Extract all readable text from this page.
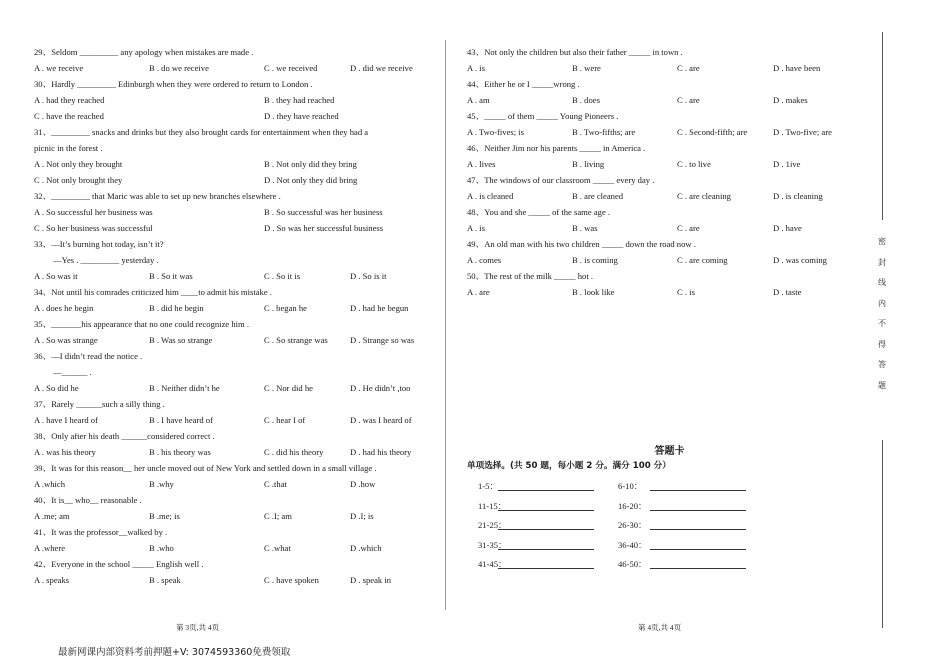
29、Seldom _________ any apology when mistakes are made .
A . we receive	B . do we receive	C . we received	D . did we receive
30、Hardly _________ Edinburgh when they were ordered to return to London .
A . had they reached	B . they had reached
C . have the reached	D . they have reached
31、_________ snacks and drinks but they also brought cards for entertainment when they had a
picnic in the forest .
A . Not only they brought	B . Not only did they bring
C . Not only brought they	D . Not only they did bring
32、_________ that Maric was able to set up new branches elsewhere .
A . So successful her business was	B . So successful was her business
C . So her business was successful	D . So was her successful business
33、—It’s burning hot today, isn’t it?
—Yes . _________ yesterday .
A . So was it	B . So it was	C . So it is	D . So is it
34、Not until his comrades criticized him ____to admit his mistake .
A . does he begin	B . did he begin	C . began he	D . had he begun
35、_______his appearance that no one could recognize him .
A . So was strange	B . Was so strange	C . So strange was	D . Strange so was
36、—I didn’t read the notice .
—______ .
A . So did he	B . Neither didn’t he	C . Nor did he	D . He didn’t ,too
37、Rarely ______such a silly thing .
A . have I heard of	B . I have heard of	C . hear I of	D . was I heard of
38、Only after his death ______considered correct .
A . was his theory	B . his theory was	C . did his theory	D . had his theory
39、It was for this reason__ her uncle moved out of New York and settled down in a small village .
A .which	B .why	C .that	D .how
40、It is__ who__ reasonable .
A .me; am	B .me; is	C .I; am	D .I; is
41、It was the professor__walked by .
A .where	B .who	C .what	D .which
42、Everyone in the school _____ English well .
A . speaks	B . speak	C . have spoken	D . speak in
43、Not only the children but also their father _____ in town .
A . is	B . were	C . are	D . have been
44、Either he or I _____wrong .
A . am	B . does	C . are	D . makes
45、_____ of them _____ Young Pioneers .
A . Two-fives; is	B . Two-fifths; are	C . Second-fifth; are	D . Two-five; are
46、Neither Jim nor his parents _____ in America .
A . lives	B . living	C . to live	D . 1ive
47、The windows of our classroom _____ every day .
A . is cleaned	B . are cleaned	C . are cleaning	D . is cleaning
48、You and she _____ of the same age .
A . is	B . was	C . are	D . have
49、An old man with his two children _____ down the road now .
A . comes	B . is coming	C . are coming	D . was coming
50、The rest of the milk _____ hot .
A . are	B . look like	C . is	D . taste
密
封
线
内
不
得
答
题
答题卡
单项选择。(共 50 题，每小题 2 分。满分 100 分）
1-5：	6-10：
11-15：	16-20：
21-25：	26-30：
31-35：	36-40：
41-45：	46-50：
第 3页,共 4页	第 4页,共 4页
最新网课内部资料考前押题+V: 3074593360免费领取
